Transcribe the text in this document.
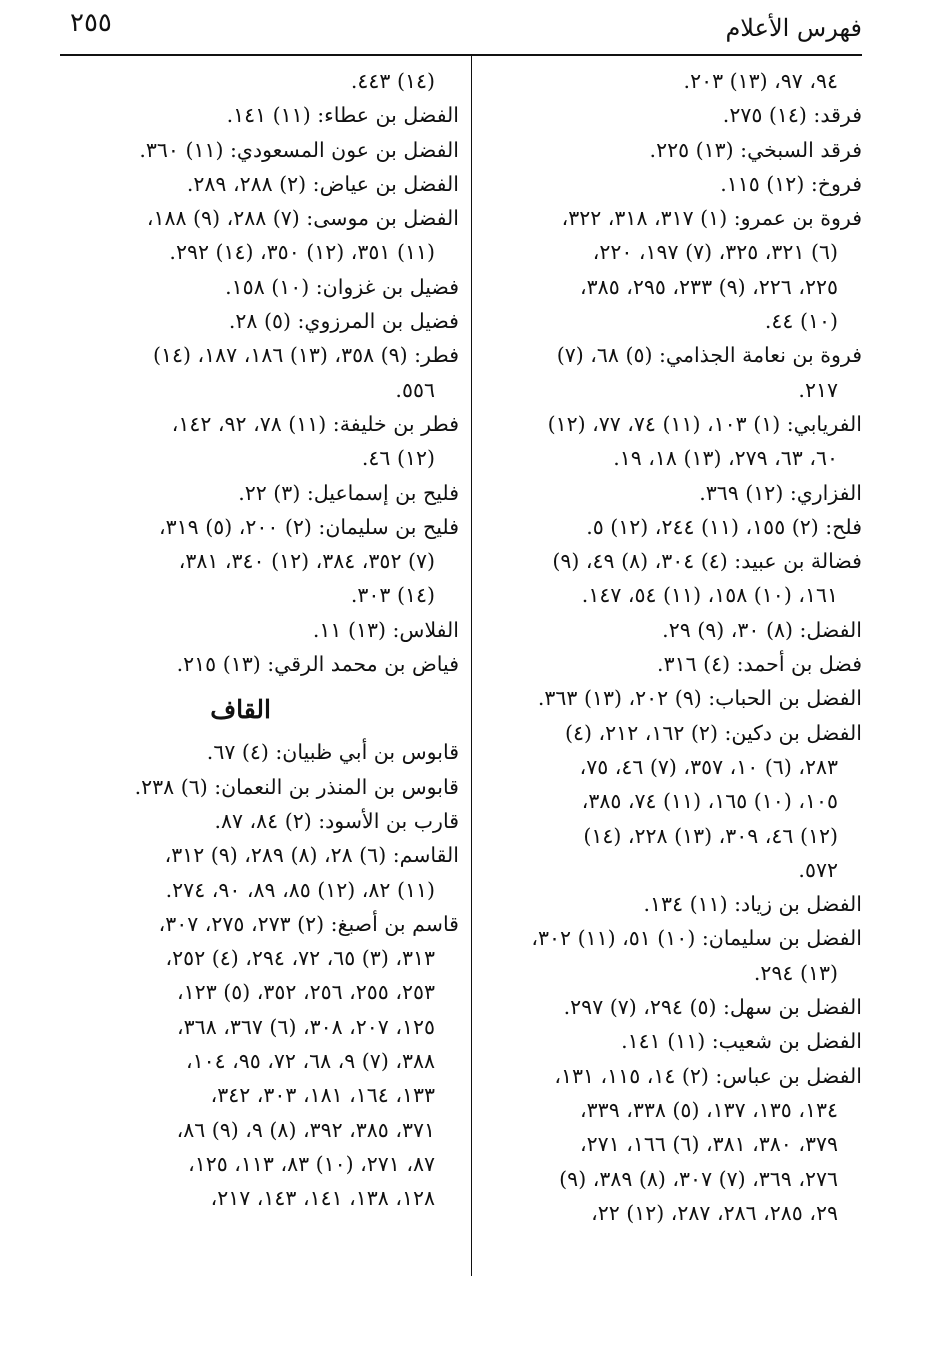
٢٥٥	فهرس الأعلام
٩٤، ٩٧، (١٣) ٢٠٣.
فرقد: (١٤) ٢٧٥.
فرقد السبخي: (١٣) ٢٢٥.
فروخ: (١٢) ١١٥.
فروة بن عمرو: (١) ٣١٧، ٣١٨، ٣٢٢،
(٦) ٣٢١، ٣٢٥، (٧) ١٩٧، ٢٢٠،
٢٢٥، ٢٢٦، (٩) ٢٣٣، ٢٩٥، ٣٨٥،
(١٠) ٤٤.
فروة بن نعامة الجذامي: (٥) ٦٨، (٧)
٢١٧.
الفريابي: (١) ١٠٣، (١١) ٧٤، ٧٧، (١٢)
٦٠، ٦٣، ٢٧٩، (١٣) ١٨، ١٩.
الفزاري: (١٢) ٣٦٩.
فلح: (٢) ١٥٥، (١١) ٢٤٤، (١٢) ٥.
فضالة بن عبيد: (٤) ٣٠٤، (٨) ٤٩، (٩)
١٦١، (١٠) ١٥٨، (١١) ٥٤، ١٤٧.
الفضل: (٨) ٣٠، (٩) ٢٩.
فضل بن أحمد: (٤) ٣١٦.
الفضل بن الحباب: (٩) ٢٠٢، (١٣) ٣٦٣.
الفضل بن دكين: (٢) ١٦٢، ٢١٢، (٤)
٢٨٣، (٦) ١٠، ٣٥٧، (٧) ٤٦، ٧٥،
١٠٥، (١٠) ١٦٥، (١١) ٧٤، ٣٨٥،
(١٢) ٤٦، ٣٠٩، (١٣) ٢٢٨، (١٤)
٥٧٢.
الفضل بن زياد: (١١) ١٣٤.
الفضل بن سليمان: (١٠) ٥١، (١١) ٣٠٢،
(١٣) ٢٩٤.
الفضل بن سهل: (٥) ٢٩٤، (٧) ٢٩٧.
الفضل بن شعيب: (١١) ١٤١.
الفضل بن عباس: (٢) ١٤، ١١٥، ١٣١،
١٣٤، ١٣٥، ١٣٧، (٥) ٣٣٨، ٣٣٩،
٣٧٩، ٣٨٠، ٣٨١، (٦) ١٦٦، ٢٧١،
٢٧٦، ٣٦٩، (٧) ٣٠٧، (٨) ٣٨٩، (٩)
٢٩، ٢٨٥، ٢٨٦، ٢٨٧، (١٢) ٢٢،
(١٤) ٤٤٣.
الفضل بن عطاء: (١١) ١٤١.
الفضل بن عون المسعودي: (١١) ٣٦٠.
الفضل بن عياض: (٢) ٢٨٨، ٢٨٩.
الفضل بن موسى: (٧) ٢٨٨، (٩) ١٨٨،
(١١) ٣٥١، (١٢) ٣٥٠، (١٤) ٢٩٢.
فضيل بن غزوان: (١٠) ١٥٨.
فضيل بن المرزوي: (٥) ٢٨.
فطر: (٩) ٣٥٨، (١٣) ١٨٦، ١٨٧، (١٤)
٥٥٦.
فطر بن خليفة: (١١) ٧٨، ٩٢، ١٤٢،
(١٢) ٤٦.
فليح بن إسماعيل: (٣) ٢٢.
فليح بن سليمان: (٢) ٢٠٠، (٥) ٣١٩،
(٧) ٣٥٢، ٣٨٤، (١٢) ٣٤٠، ٣٨١،
(١٤) ٣٠٣.
الفلاس: (١٣) ١١.
فياض بن محمد الرقي: (١٣) ٢١٥.
القاف
قابوس بن أبي ظبيان: (٤) ٦٧.
قابوس بن المنذر بن النعمان: (٦) ٢٣٨.
قارب بن الأسود: (٢) ٨٤، ٨٧.
القاسم: (٦) ٢٨، (٨) ٢٨٩، (٩) ٣١٢،
(١١) ٨٢، (١٢) ٨٥، ٨٩، ٩٠، ٢٧٤.
قاسم بن أصبغ: (٢) ٢٧٣، ٢٧٥، ٣٠٧،
٣١٣، (٣) ٦٥، ٧٢، ٢٩٤، (٤) ٢٥٢،
٢٥٣، ٢٥٥، ٢٥٦، ٣٥٢، (٥) ١٢٣،
١٢٥، ٢٠٧، ٣٠٨، (٦) ٣٦٧، ٣٦٨،
٣٨٨، (٧) ٩، ٦٨، ٧٢، ٩٥، ١٠٤،
١٣٣، ١٦٤، ١٨١، ٣٠٣، ٣٤٢،
٣٧١، ٣٨٥، ٣٩٢، (٨) ٩، (٩) ٨٦،
٨٧، ٢٧١، (١٠) ٨٣، ١١٣، ١٢٥،
١٢٨، ١٣٨، ١٤١، ١٤٣، ٢١٧،
